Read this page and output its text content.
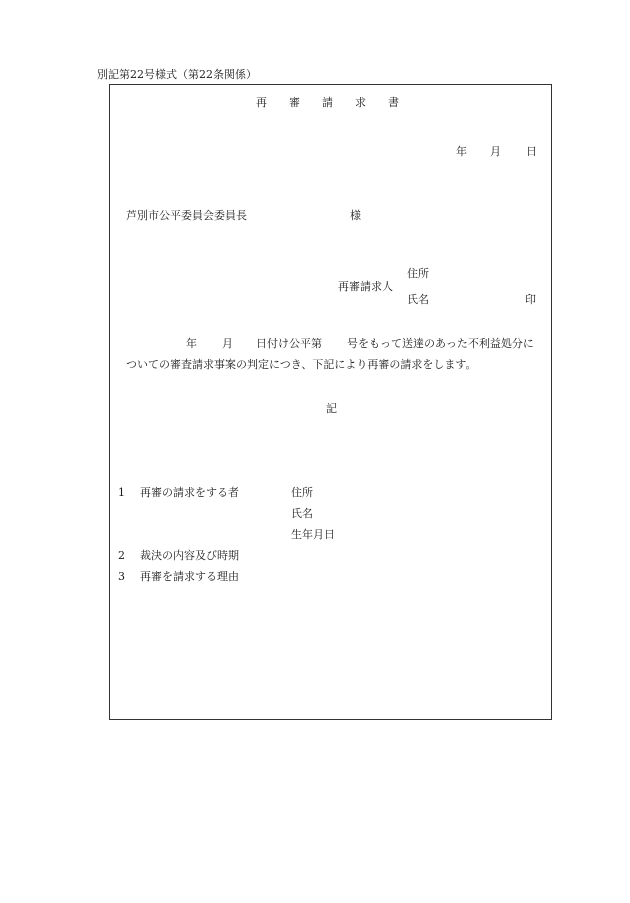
別記第22号様式（第22条関係）
再　　審　　請　　求　　書
年 月 日
芦別市公平委員会委員長	様
住所
再審請求人
氏名	印
年 月 日付け公平第 号をもって送達のあった不利益処分に
ついての審査請求事案の判定につき、下記により再審の請求をします。
記
1 再審の請求をする者	住所
氏名
生年月日
2 裁決の内容及び時期
3 再審を請求する理由
